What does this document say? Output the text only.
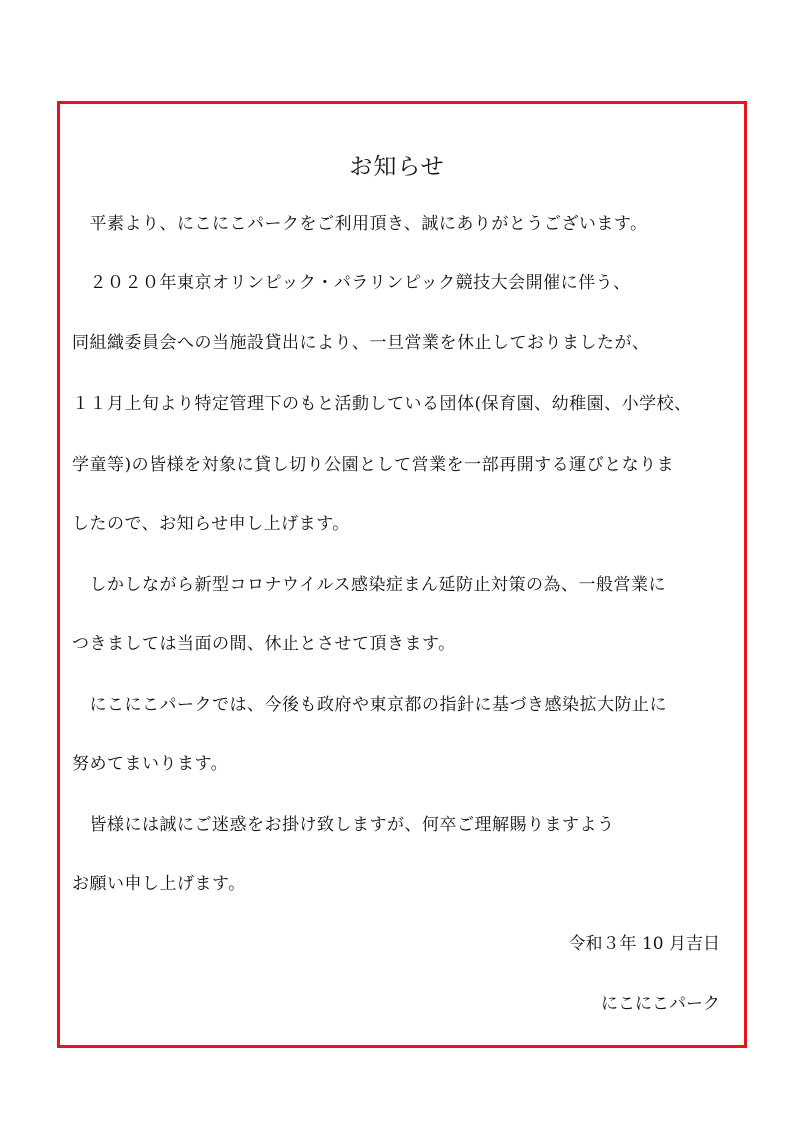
お知らせ
　平素より、にこにこパークをご利用頂き、誠にありがとうございます。
　２０２０年東京オリンピック・パラリンピック競技大会開催に伴う、
同組織委員会への当施設貸出により、一旦営業を休止しておりましたが、
１１月上旬より特定管理下のもと活動している団体(保育園、幼稚園、小学校、
学童等)の皆様を対象に貸し切り公園として営業を一部再開する運びとなりま
したので、お知らせ申し上げます。
　しかしながら新型コロナウイルス感染症まん延防止対策の為、一般営業に
つきましては当面の間、休止とさせて頂きます。
　にこにこパークでは、今後も政府や東京都の指針に基づき感染拡大防止に
努めてまいります。
　皆様には誠にご迷惑をお掛け致しますが、何卒ご理解賜りますよう
お願い申し上げます。
令和３年 10 月吉日
にこにこパーク
